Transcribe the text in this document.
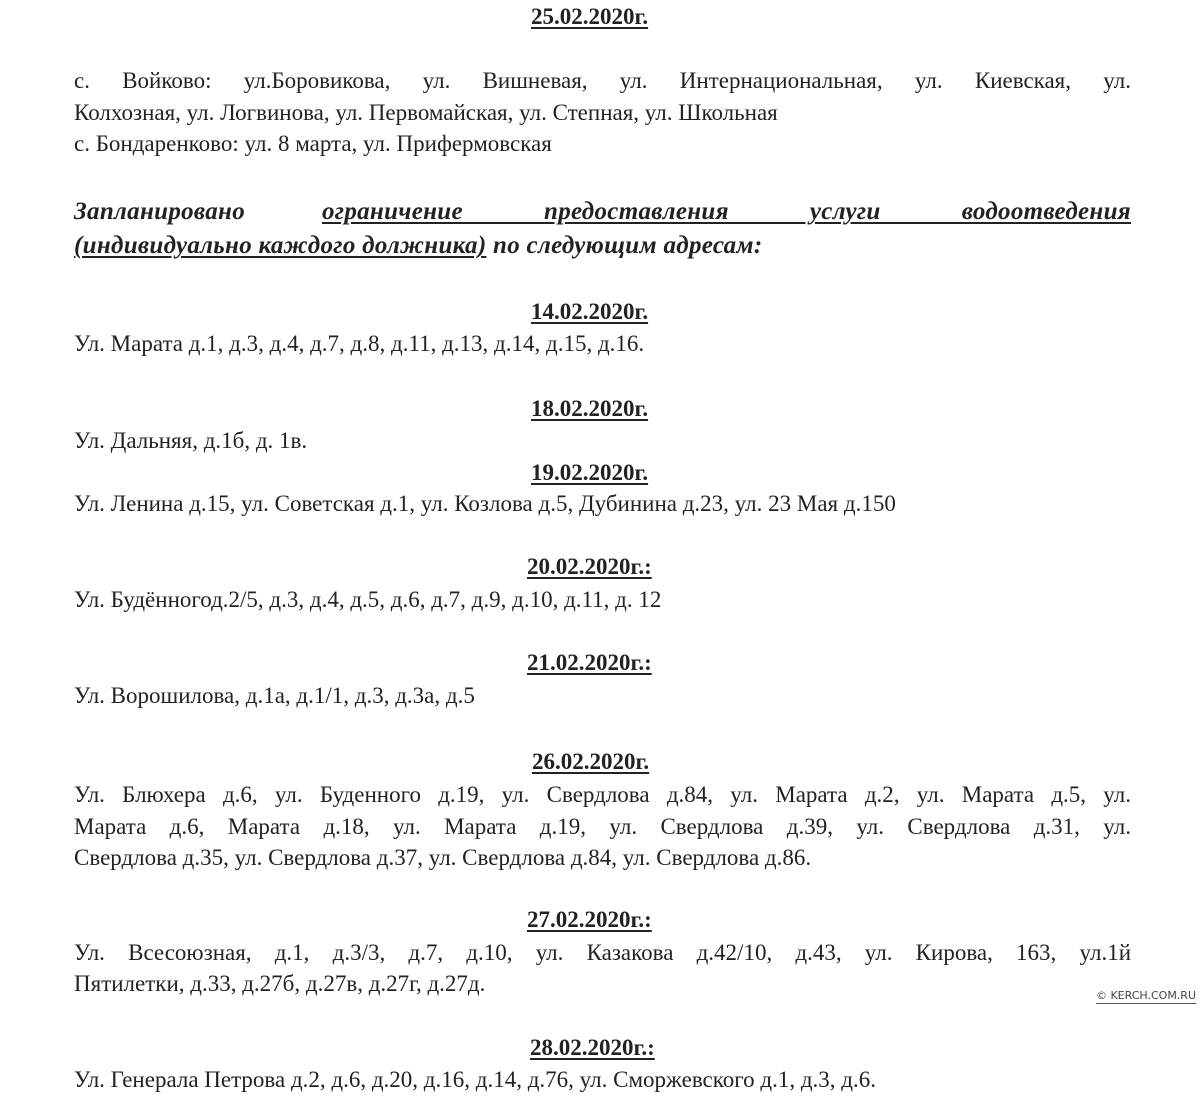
25.02.2020г.
с. Войково: ул.Боровикова, ул. Вишневая, ул. Интернациональная, ул. Киевская, ул.
Колхозная, ул. Логвинова, ул. Первомайская, ул. Степная, ул. Школьная
с. Бондаренково: ул. 8 марта, ул. Прифермовская
Запланировано	ограничение предоставления услуги водоотведения
(индивидуально каждого должника) по следующим адресам:
14.02.2020г.
Ул. Марата д.1, д.3, д.4, д.7, д.8, д.11, д.13, д.14, д.15, д.16.
18.02.2020г.
Ул. Дальняя, д.1б, д. 1в.
19.02.2020г.
Ул. Ленина д.15, ул. Советская д.1, ул. Козлова д.5, Дубинина д.23, ул. 23 Мая д.150
20.02.2020г.:
Ул. Будённогод.2/5, д.3, д.4, д.5, д.6, д.7, д.9, д.10, д.11, д. 12
21.02.2020г.:
Ул. Ворошилова, д.1а, д.1/1, д.3, д.3а, д.5
26.02.2020г.
Ул. Блюхера д.6, ул. Буденного д.19, ул. Свердлова д.84, ул. Марата д.2, ул. Марата д.5, ул.
Марата д.6, Марата д.18, ул. Марата д.19, ул. Свердлова д.39, ул. Свердлова д.31, ул.
Свердлова д.35, ул. Свердлова д.37, ул. Свердлова д.84, ул. Свердлова д.86.
27.02.2020г.:
Ул. Всесоюзная, д.1, д.3/3, д.7, д.10, ул. Казакова д.42/10, д.43, ул. Кирова, 163, ул.1й
Пятилетки, д.33, д.27б, д.27в, д.27г, д.27д.
28.02.2020г.:
Ул. Генерала Петрова д.2, д.6, д.20, д.16, д.14, д.76, ул. Сморжевского д.1, д.3, д.6.
© KERCH.COM.RU
